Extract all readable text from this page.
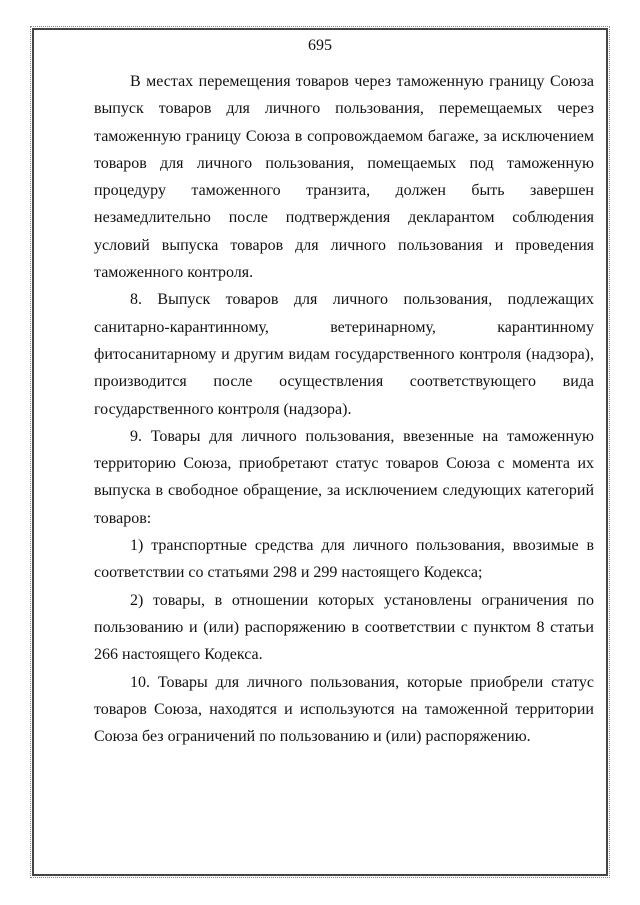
695

В местах перемещения товаров через таможенную границу Союза выпуск товаров для личного пользования, перемещаемых через таможенную границу Союза в сопровождаемом багаже, за исключением товаров для личного пользования, помещаемых под таможенную процедуру таможенного транзита, должен быть завершен незамедлительно после подтверждения декларантом соблюдения условий выпуска товаров для личного пользования и проведения таможенного контроля.

8. Выпуск товаров для личного пользования, подлежащих санитарно-карантинному, ветеринарному, карантинному фитосанитарному и другим видам государственного контроля (надзора), производится после осуществления соответствующего вида государственного контроля (надзора).

9. Товары для личного пользования, ввезенные на таможенную территорию Союза, приобретают статус товаров Союза с момента их выпуска в свободное обращение, за исключением следующих категорий товаров:

1) транспортные средства для личного пользования, ввозимые в соответствии со статьями 298 и 299 настоящего Кодекса;

2) товары, в отношении которых установлены ограничения по пользованию и (или) распоряжению в соответствии с пунктом 8 статьи 266 настоящего Кодекса.

10. Товары для личного пользования, которые приобрели статус товаров Союза, находятся и используются на таможенной территории Союза без ограничений по пользованию и (или) распоряжению.
